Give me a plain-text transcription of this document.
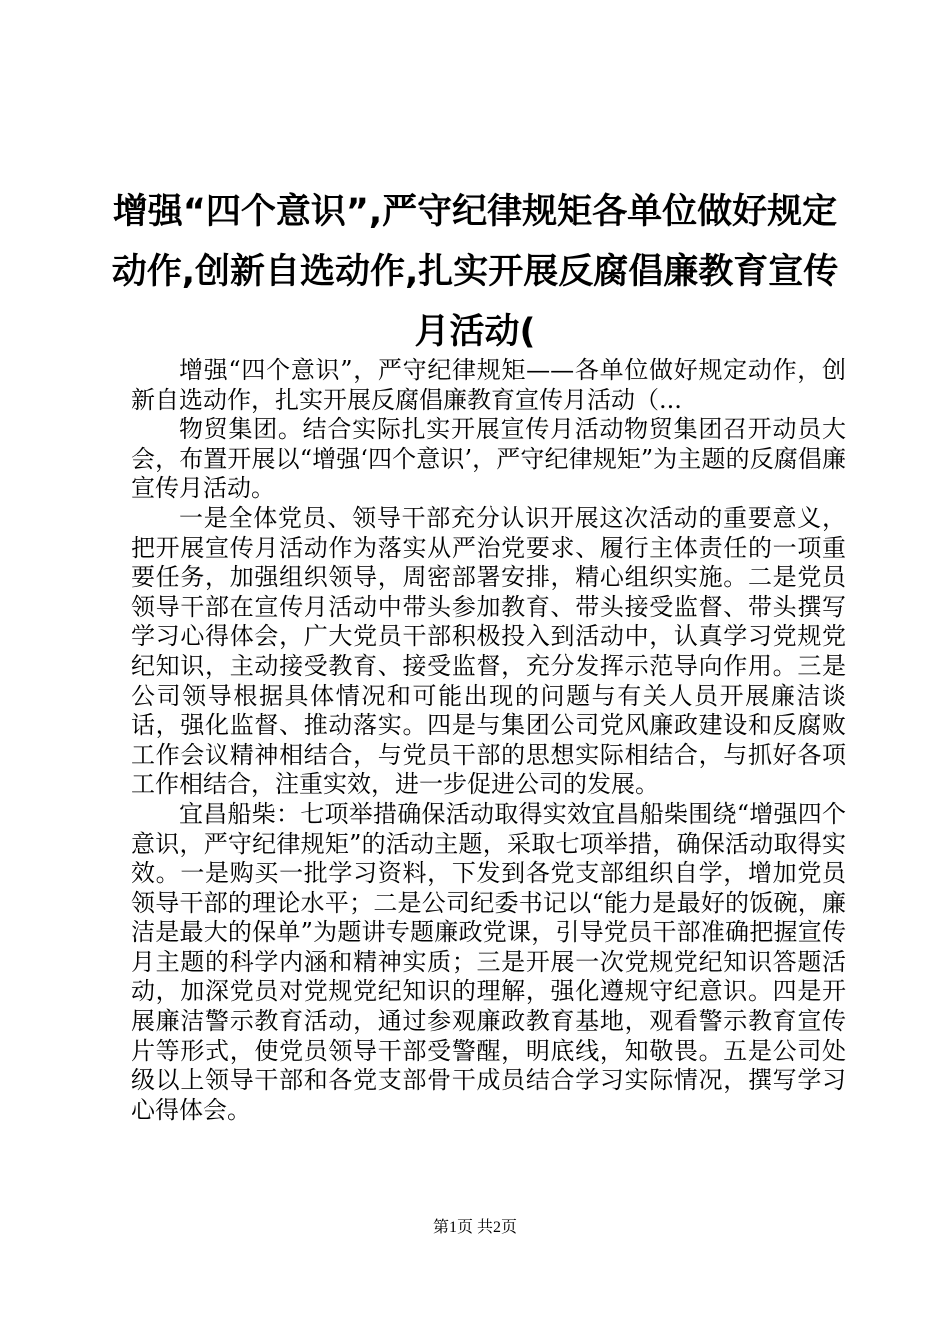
增强“四个意识”,严守纪律规矩各单位做好规定动作,创新自选动作,扎实开展反腐倡廉教育宣传月活动(

增强“四个意识”，严守纪律规矩——各单位做好规定动作，创新自选动作，扎实开展反腐倡廉教育宣传月活动（...

物贸集团。结合实际扎实开展宣传月活动物贸集团召开动员大会，布置开展以“增强‘四个意识’，严守纪律规矩”为主题的反腐倡廉宣传月活动。

一是全体党员、领导干部充分认识开展这次活动的重要意义，把开展宣传月活动作为落实从严治党要求、履行主体责任的一项重要任务，加强组织领导，周密部署安排，精心组织实施。二是党员领导干部在宣传月活动中带头参加教育、带头接受监督、带头撰写学习心得体会，广大党员干部积极投入到活动中，认真学习党规党纪知识，主动接受教育、接受监督，充分发挥示范导向作用。三是公司领导根据具体情况和可能出现的问题与有关人员开展廉洁谈话，强化监督、推动落实。四是与集团公司党风廉政建设和反腐败工作会议精神相结合，与党员干部的思想实际相结合，与抓好各项工作相结合，注重实效，进一步促进公司的发展。

宜昌船柴：七项举措确保活动取得实效宜昌船柴围绕“增强四个意识，严守纪律规矩”的活动主题，采取七项举措，确保活动取得实效。一是购买一批学习资料，下发到各党支部组织自学，增加党员领导干部的理论水平；二是公司纪委书记以“能力是最好的饭碗，廉洁是最大的保单”为题讲专题廉政党课，引导党员干部准确把握宣传月主题的科学内涵和精神实质；三是开展一次党规党纪知识答题活动，加深党员对党规党纪知识的理解，强化遵规守纪意识。四是开展廉洁警示教育活动，通过参观廉政教育基地，观看警示教育宣传片等形式，使党员领导干部受警醒，明底线，知敬畏。五是公司处级以上领导干部和各党支部骨干成员结合学习实际情况，撰写学习心得体会。

第1页 共2页
